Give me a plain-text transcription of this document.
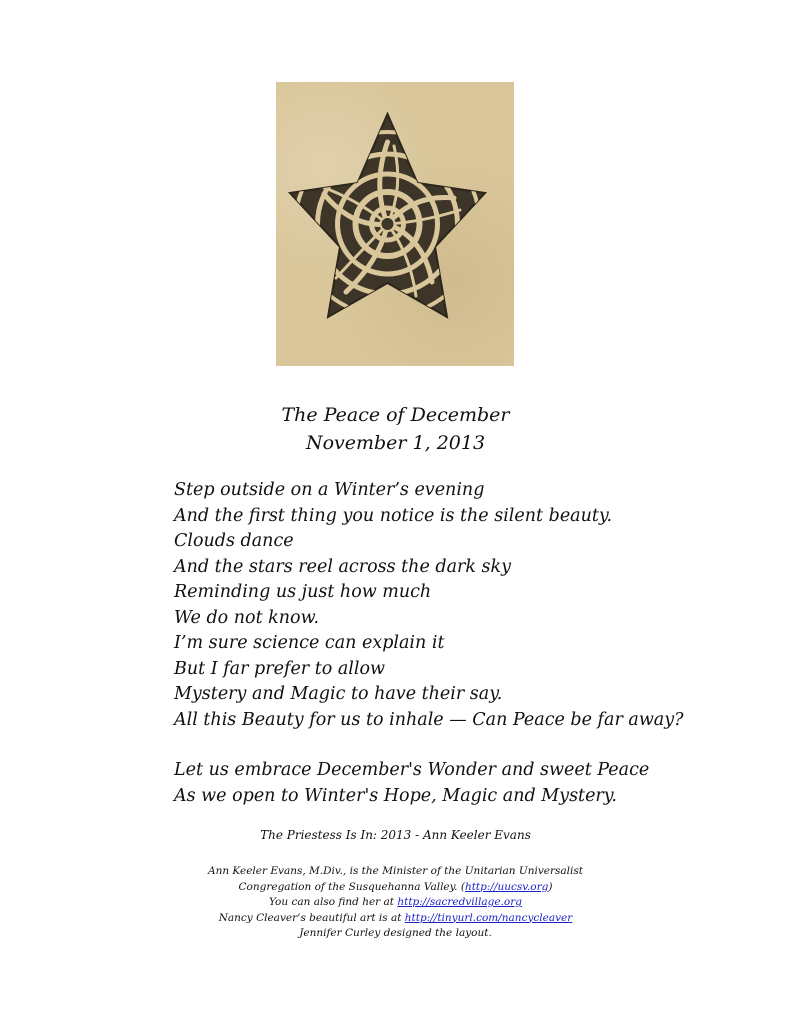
The Peace of December
November 1, 2013
Step outside on a Winter’s evening
And the first thing you notice is the silent beauty.
Clouds dance
And the stars reel across the dark sky
Reminding us just how much
We do not know.
I’m sure science can explain it
But I far prefer to allow
Mystery and Magic to have their say.
All this Beauty for us to inhale — Can Peace be far away?
Let us embrace December's Wonder and sweet Peace
As we open to Winter's Hope, Magic and Mystery.
The Priestess Is In: 2013 - Ann Keeler Evans
Ann Keeler Evans, M.Div., is the Minister of the Unitarian Universalist
Congregation of the Susquehanna Valley. (http://uucsv.org)
You can also find her at http://sacredvillage.org
Nancy Cleaver’s beautiful art is at http://tinyurl.com/nancycleaver
Jennifer Curley designed the layout.
